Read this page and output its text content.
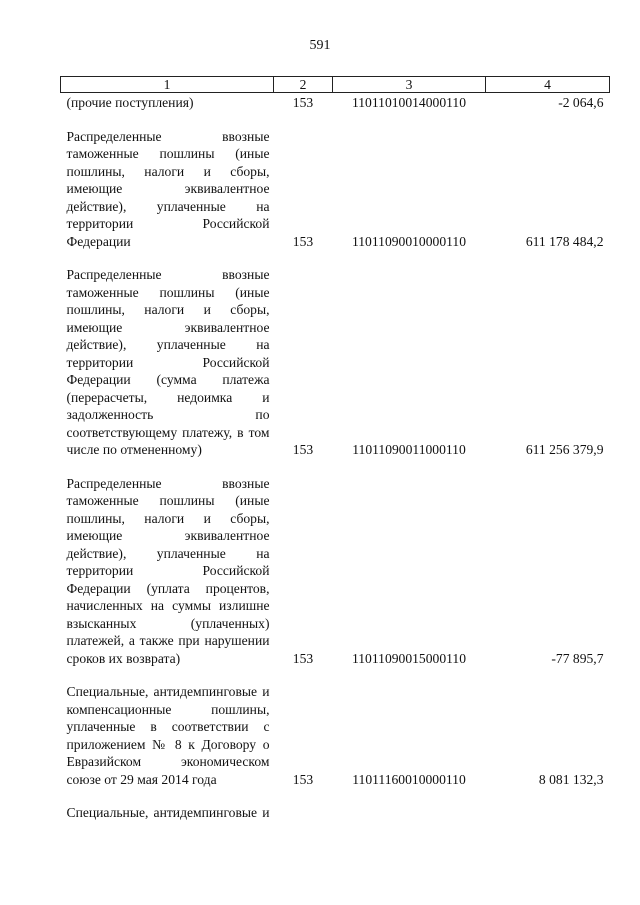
591
1	2	3	4
(прочие поступления)	153	11011010014000110	-2 064,6
Распределенные ввозные таможенные пошлины (иные пошлины, налоги и сборы, имеющие эквивалентное действие), уплаченные на территории Российской Федерации	153	11011090010000110	611 178 484,2
Распределенные ввозные таможенные пошлины (иные пошлины, налоги и сборы, имеющие эквивалентное действие), уплаченные на территории Российской Федерации (сумма платежа (перерасчеты, недоимка и задолженность по соответствующему платежу, в том числе по отмененному)	153	11011090011000110	611 256 379,9
Распределенные ввозные таможенные пошлины (иные пошлины, налоги и сборы, имеющие эквивалентное действие), уплаченные на территории Российской Федерации (уплата процентов, начисленных на суммы излишне взысканных (уплаченных) платежей, а также при нарушении сроков их возврата)	153	11011090015000110	-77 895,7
Специальные, антидемпинговые и компенсационные пошлины, уплаченные в соответствии с приложением № 8 к Договору о Евразийском экономическом союзе от 29 мая 2014 года	153	11011160010000110	8 081 132,3
Специальные, антидемпинговые и			
